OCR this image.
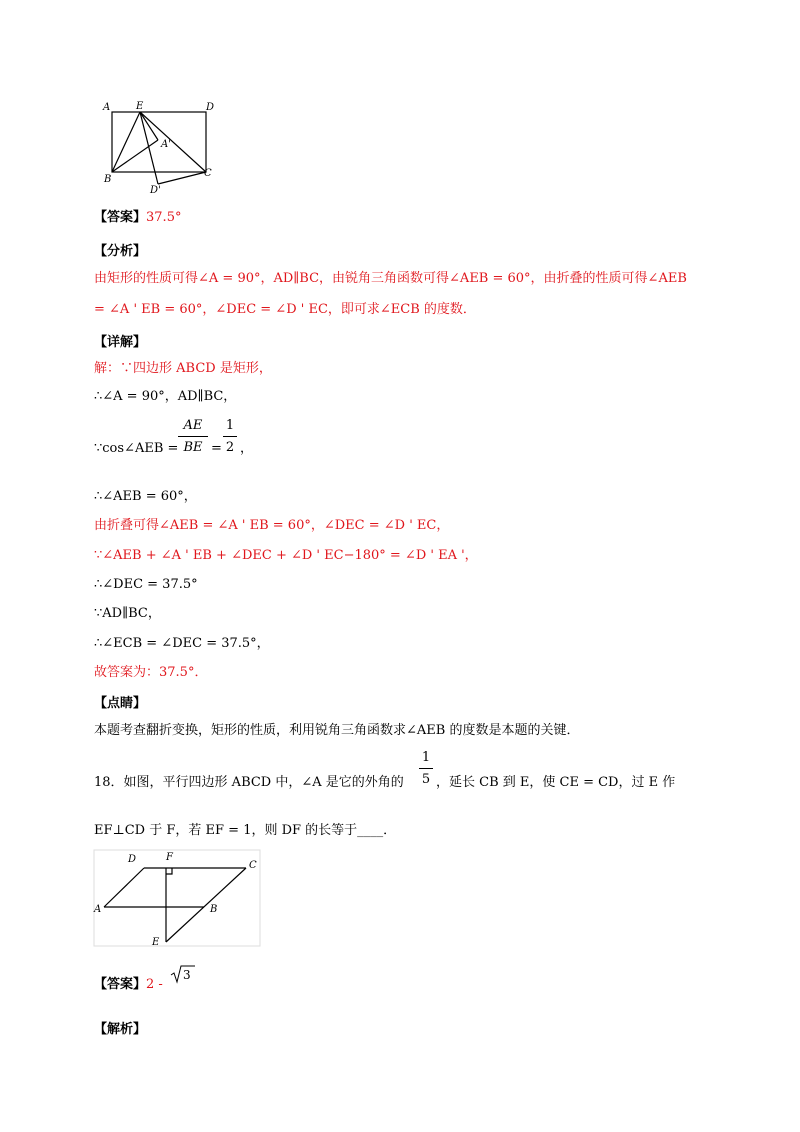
A	E	D
B
C
A'
D'
【答案】37.5°
【分析】
由矩形的性质可得∠A = 90°，AD∥BC，由锐角三角函数可得∠AEB = 60°，由折叠的性质可得∠AEB
= ∠A ' EB = 60°，∠DEC = ∠D ' EC，即可求∠ECB 的度数．
【详解】
解：∵四边形 ABCD 是矩形，
∴∠A = 90°，AD∥BC，
∵cos∠AEB =
AE
BE =
1
2 ，
∴∠AEB = 60°，
由折叠可得∠AEB = ∠A ' EB = 60°，∠DEC = ∠D ' EC，
∵∠AEB + ∠A ' EB + ∠DEC + ∠D ' EC−180° = ∠D ' EA '，
∴∠DEC = 37.5°
∵AD∥BC，
∴∠ECB = ∠DEC = 37.5°，
故答案为：37.5°．
【点睛】
本题考查翻折变换，矩形的性质，利用锐角三角函数求∠AEB 的度数是本题的关键．
18．如图，平行四边形 ABCD 中，∠A 是它的外角的
1
5 ，延长 CB 到 E，使 CE = CD，过 E 作
EF⊥CD 于 F，若 EF = 1，则 DF 的长等于____．
D	F
C
A	B
E
【答案】2 -
3
【解析】
